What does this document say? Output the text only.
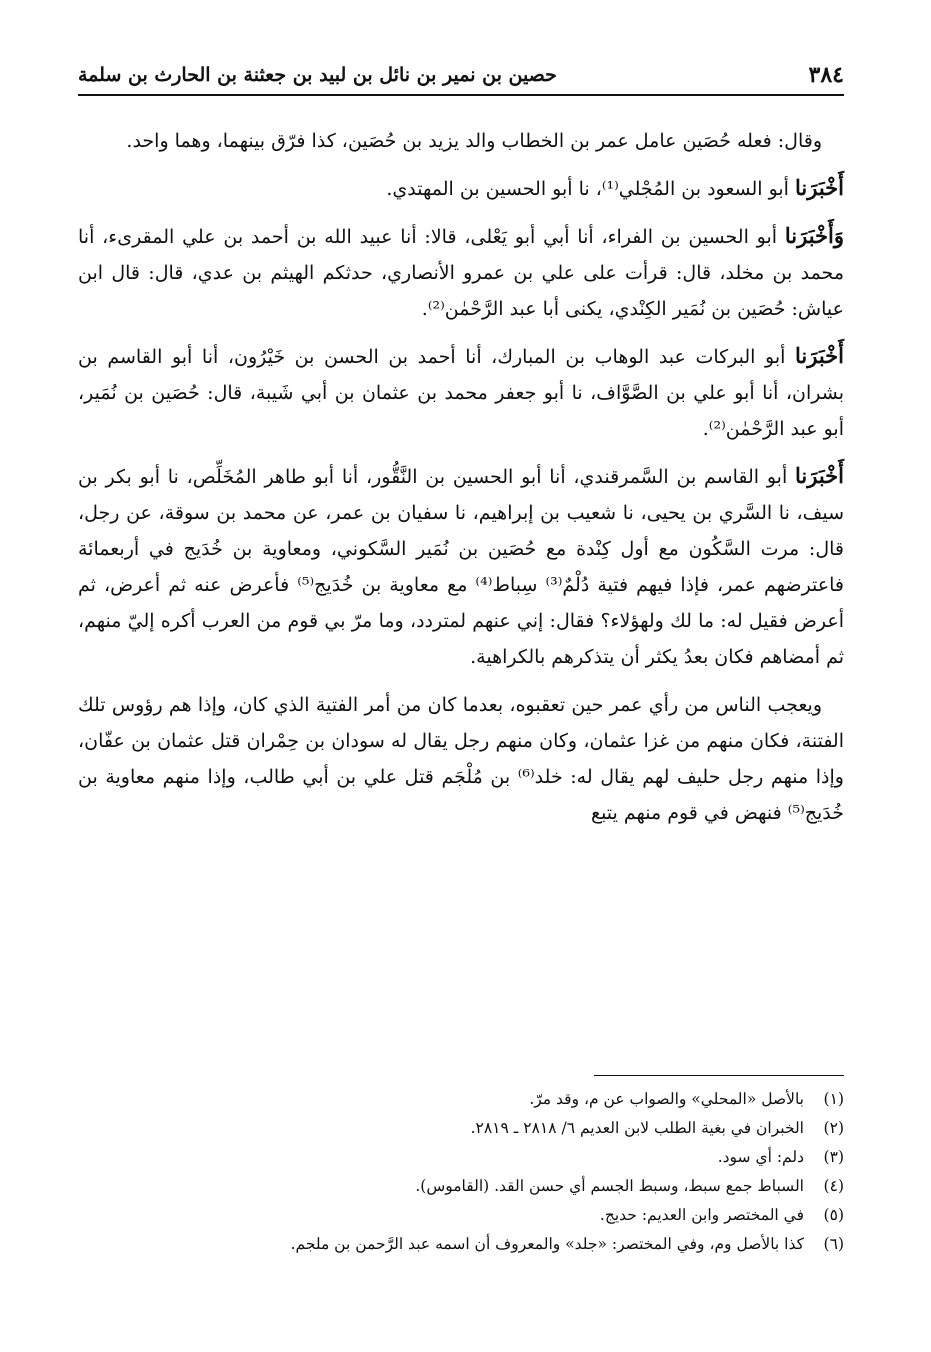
٣٨٤
حصين بن نمير بن نائل بن لبيد بن جعثنة بن الحارث بن سلمة

وقال: فعله حُصَين عامل عمر بن الخطاب والد يزيد بن حُصَين، كذا فرّق بينهما، وهما واحد.

أَخْبَرَنا أبو السعود بن المُجْلي⁽¹⁾، نا أبو الحسين بن المهتدي.

وَأَخْبَرَنا أبو الحسين بن الفراء، أنا أبي أبو يَعْلى، قالا: أنا عبيد الله بن أحمد بن علي المقرىء، أنا محمد بن مخلد، قال: قرأت على علي بن عمرو الأنصاري، حدثكم الهيثم بن عدي، قال: قال ابن عياش: حُصَين بن نُمَير الكِنْدي، يكنى أبا عبد الرَّحْمٰن⁽²⁾.

أَخْبَرَنا أبو البركات عبد الوهاب بن المبارك، أنا أحمد بن الحسن بن خَيْرُون، أنا أبو القاسم بن بشران، أنا أبو علي بن الصَّوَّاف، نا أبو جعفر محمد بن عثمان بن أبي شَيبة، قال: حُصَين بن نُمَير، أبو عبد الرَّحْمٰن⁽²⁾.

أَخْبَرَنا أبو القاسم بن السَّمرقندي، أنا أبو الحسين بن النَّقُّور، أنا أبو طاهر المُخَلِّص، نا أبو بكر بن سيف، نا السَّري بن يحيى، نا شعيب بن إبراهيم، نا سفيان بن عمر، عن محمد بن سوقة، عن رجل، قال: مرت السَّكُون مع أول كِنْدة مع حُصَين بن نُمَير السَّكوني، ومعاوية بن خُدَيج في أربعمائة فاعترضهم عمر، فإذا فيهم فتية دُلْمٌ⁽³⁾ سِباط⁽⁴⁾ مع معاوية بن خُدَيج⁽⁵⁾ فأعرض عنه ثم أعرض، ثم أعرض فقيل له: ما لك ولهؤلاء؟ فقال: إني عنهم لمتردد، وما مرّ بي قوم من العرب أكره إليّ منهم، ثم أمضاهم فكان بعدُ يكثر أن يتذكرهم بالكراهية.

ويعجب الناس من رأي عمر حين تعقبوه، بعدما كان من أمر الفتية الذي كان، وإذا هم رؤوس تلك الفتنة، فكان منهم من غزا عثمان، وكان منهم رجل يقال له سودان بن حِمْران قتل عثمان بن عفّان، وإذا منهم رجل حليف لهم يقال له: خلد⁽⁶⁾ بن مُلْجَم قتل علي بن أبي طالب، وإذا منهم معاوية بن خُدَيج⁽⁵⁾ فنهض في قوم منهم يتبع

(١)
بالأصل «المحلي» والصواب عن م، وقد مرّ.
(٢)
الخبران في بغية الطلب لابن العديم ٦/ ٢٨١٨ ـ ٢٨١٩.
(٣)
دلم: أي سود.
(٤)
السباط جمع سبط، وسبط الجسم أي حسن القد. (القاموس).
(٥)
في المختصر وابن العديم: حديج.
(٦)
كذا بالأصل وم، وفي المختصر: «جلد» والمعروف أن اسمه عبد الرَّحمن بن ملجم.
